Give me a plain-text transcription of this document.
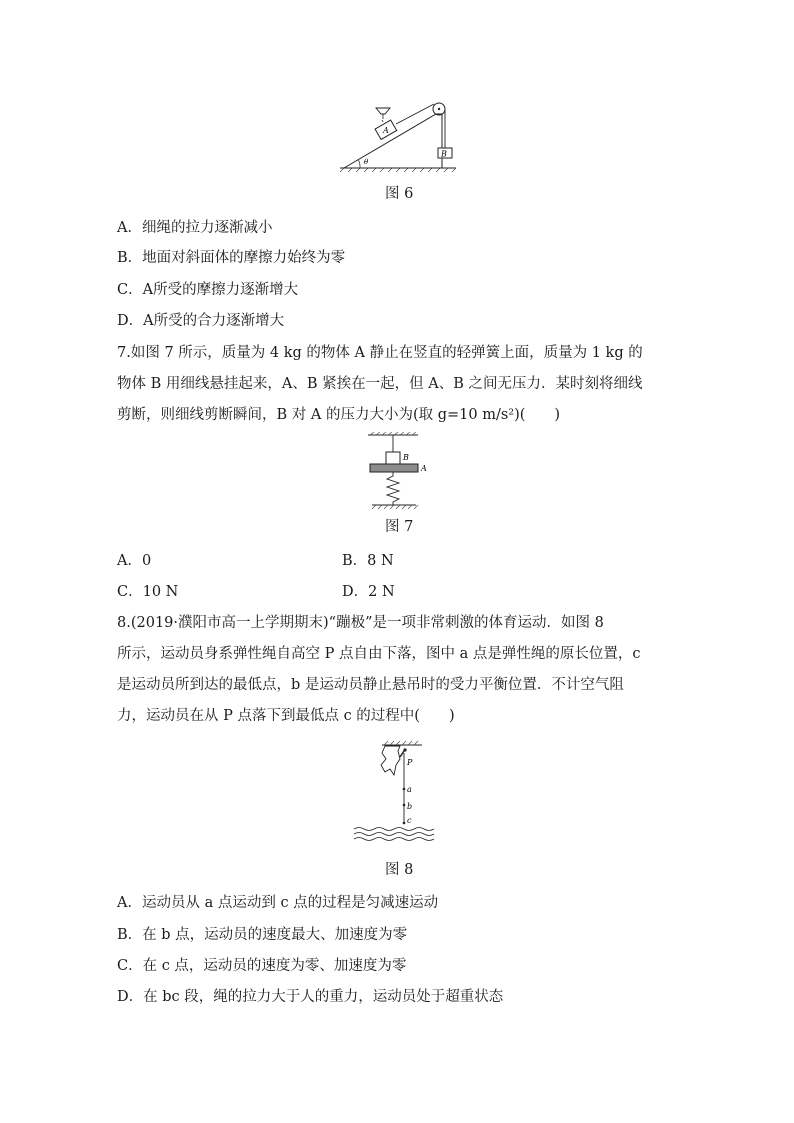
B
A
θ
图 6
A．细绳的拉力逐渐减小
B．地面对斜面体的摩擦力始终为零
C．A所受的摩擦力逐渐增大
D．A所受的合力逐渐增大
7.如图 7 所示，质量为 4 kg 的物体 A 静止在竖直的轻弹簧上面，质量为 1 kg 的
物体 B 用细线悬挂起来，A、B 紧挨在一起，但 A、B 之间无压力．某时刻将细线
剪断，则细线剪断瞬间，B 对 A 的压力大小为(取 g=10 m/s²)(　　)
B
A
图 7
A．0	B．8 N
C．10 N	D．2 N
8.(2019·濮阳市高一上学期期末)“蹦极”是一项非常刺激的体育运动．如图 8
所示，运动员身系弹性绳自高空 P 点自由下落，图中 a 点是弹性绳的原长位置，c
是运动员所到达的最低点，b 是运动员静止悬吊时的受力平衡位置．不计空气阻
力，运动员在从 P 点落下到最低点 c 的过程中(　　)
P
a
b
c
图 8
A．运动员从 a 点运动到 c 点的过程是匀减速运动
B．在 b 点，运动员的速度最大、加速度为零
C．在 c 点，运动员的速度为零、加速度为零
D．在 bc 段，绳的拉力大于人的重力，运动员处于超重状态
